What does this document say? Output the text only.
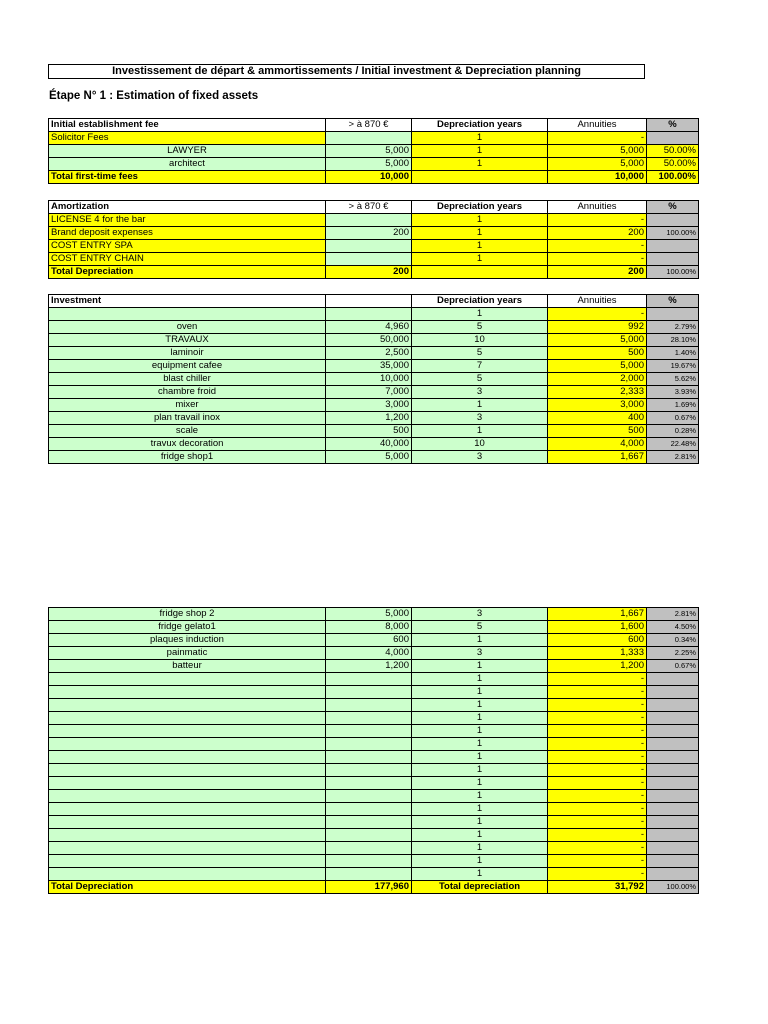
Investissement de départ & ammortissements / Initial investment & Depreciation planning
Étape N° 1 : Estimation of fixed assets
Initial establishment fee	> à 870 €	Depreciation years	Annuities	%
Solicitor Fees		1	-	
LAWYER	5,000	1	5,000	50.00%
architect	5,000	1	5,000	50.00%
Total first-time fees	10,000		10,000	100.00%
Amortization	> à 870 €	Depreciation years	Annuities	%
LICENSE 4 for the bar		1	-	
Brand deposit expenses	200	1	200	100.00%
COST ENTRY SPA		1	-	
COST ENTRY CHAIN		1	-	
Total Depreciation	200		200	100.00%
Investment		Depreciation years	Annuities	%
		1	-	
oven	4,960	5	992	2.79%
TRAVAUX	50,000	10	5,000	28.10%
laminoir	2,500	5	500	1.40%
equipment cafee	35,000	7	5,000	19.67%
blast chiller	10,000	5	2,000	5.62%
chambre froid	7,000	3	2,333	3.93%
mixer	3,000	1	3,000	1.69%
plan travail inox	1,200	3	400	0.67%
scale	500	1	500	0.28%
travux decoration	40,000	10	4,000	22.48%
fridge shop1	5,000	3	1,667	2.81%
fridge shop 2	5,000	3	1,667	2.81%
fridge gelato1	8,000	5	1,600	4.50%
plaques induction	600	1	600	0.34%
painmatic	4,000	3	1,333	2.25%
batteur	1,200	1	1,200	0.67%
		1	-	
		1	-	
		1	-	
		1	-	
		1	-	
		1	-	
		1	-	
		1	-	
		1	-	
		1	-	
		1	-	
		1	-	
		1	-	
		1	-	
		1	-	
		1	-	
Total Depreciation	177,960	Total depreciation	31,792	100.00%
